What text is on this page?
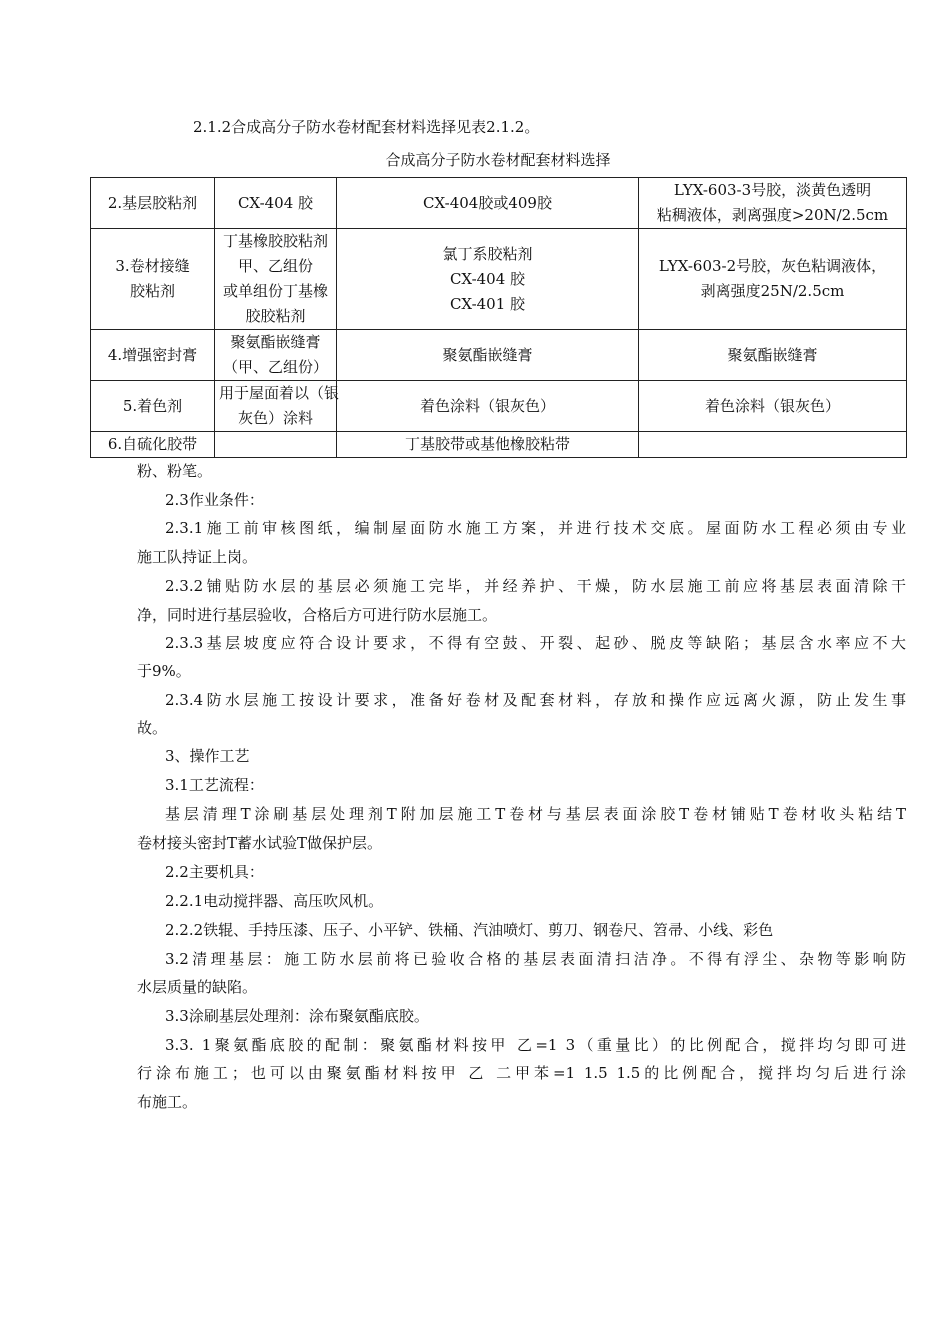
2.1.2合成高分子防水卷材配套材料选择见表2.1.2。
合成高分子防水卷材配套材料选择
2.基层胶粘剂	CX-404 胶	CX-404胶或409胶	LYX-603-3号胶，淡黄色透明
粘稠液体，剥离强度>20N/2.5cm

3.卷材接缝
胶粘剂	丁基橡胶胶粘剂
甲、乙组份
或单组份丁基橡
胶胶粘剂	氯丁系胶粘剂
CX-404 胶
CX-401 胶	LYX-603-2号胶，灰色粘调液体，
剥离强度25N/2.5cm

4.增强密封膏	聚氨酯嵌缝膏
（甲、乙组份）	聚氨酯嵌缝膏	聚氨酯嵌缝膏

5.着色剂	用于屋面着以（银
灰色）涂料	着色涂料（银灰色）	着色涂料（银灰色）

6.自硫化胶带		丁基胶带或基他橡胶粘带	

粉、粉笔。
2.3作业条件：
2.3.1施工前审核图纸，编制屋面防水施工方案，并进行技术交底。屋面防水工程必须由专业
施工队持证上岗。
2.3.2铺贴防水层的基层必须施工完毕，并经养护、干燥，防水层施工前应将基层表面清除干
净，同时进行基层验收，合格后方可进行防水层施工。
2.3.3基层坡度应符合设计要求，不得有空鼓、开裂、起砂、脱皮等缺陷；基层含水率应不大
于9%。
2.3.4防水层施工按设计要求，准备好卷材及配套材料，存放和操作应远离火源，防止发生事
故。
3、操作工艺
3.1工艺流程：
基层清理T涂刷基层处理剂T附加层施工T卷材与基层表面涂胶T卷材铺贴T卷材收头粘结T
卷材接头密封T蓄水试验T做保护层。
2.2主要机具：
2.2.1电动搅拌器、高压吹风机。
2.2.2铁辊、手持压漆、压子、小平铲、铁桶、汽油喷灯、剪刀、钢卷尺、笤帚、小线、彩色
3.2清理基层：施工防水层前将已验收合格的基层表面清扫洁净。不得有浮尘、杂物等影响防
水层质量的缺陷。
3.3涂刷基层处理剂：涂布聚氨酯底胶。
3.3. 1聚氨酯底胶的配制：聚氨酯材料按甲 乙=1 3（重量比）的比例配合，搅拌均匀即可进
行涂布施工；也可以由聚氨酯材料按甲 乙 二甲苯=1 1.5 1.5的比例配合，搅拌均匀后进行涂
布施工。
